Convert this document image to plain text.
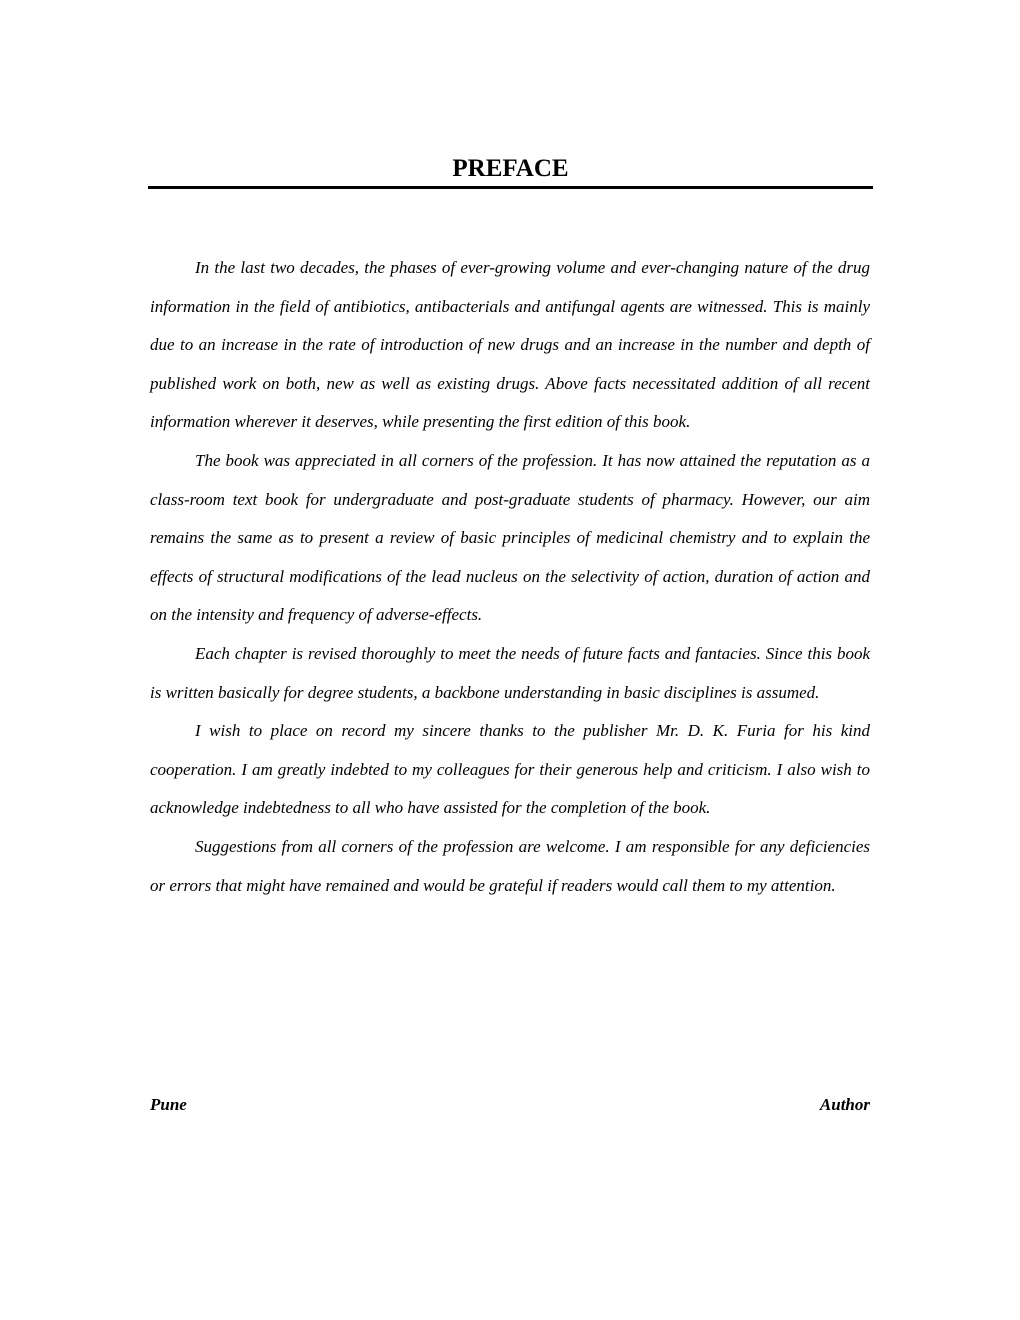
PREFACE

In the last two decades, the phases of ever-growing volume and ever-changing nature of the drug information in the field of antibiotics, antibacterials and antifungal agents are witnessed. This is mainly due to an increase in the rate of introduction of new drugs and an increase in the number and depth of published work on both, new as well as existing drugs. Above facts necessitated addition of all recent information wherever it deserves, while presenting the first edition of this book.

The book was appreciated in all corners of the profession. It has now attained the reputation as a class-room text book for undergraduate and post-graduate students of pharmacy. However, our aim remains the same as to present a review of basic principles of medicinal chemistry and to explain the effects of structural modifications of the lead nucleus on the selectivity of action, duration of action and on the intensity and frequency of adverse-effects.

Each chapter is revised thoroughly to meet the needs of future facts and fantacies. Since this book is written basically for degree students, a backbone understanding in basic disciplines is assumed.

I wish to place on record my sincere thanks to the publisher Mr. D. K. Furia for his kind cooperation. I am greatly indebted to my colleagues for their generous help and criticism. I also wish to acknowledge indebtedness to all who have assisted for the completion of the book.

Suggestions from all corners of the profession are welcome. I am responsible for any deficiencies or errors that might have remained and would be grateful if readers would call them to my attention.

Pune	Author
